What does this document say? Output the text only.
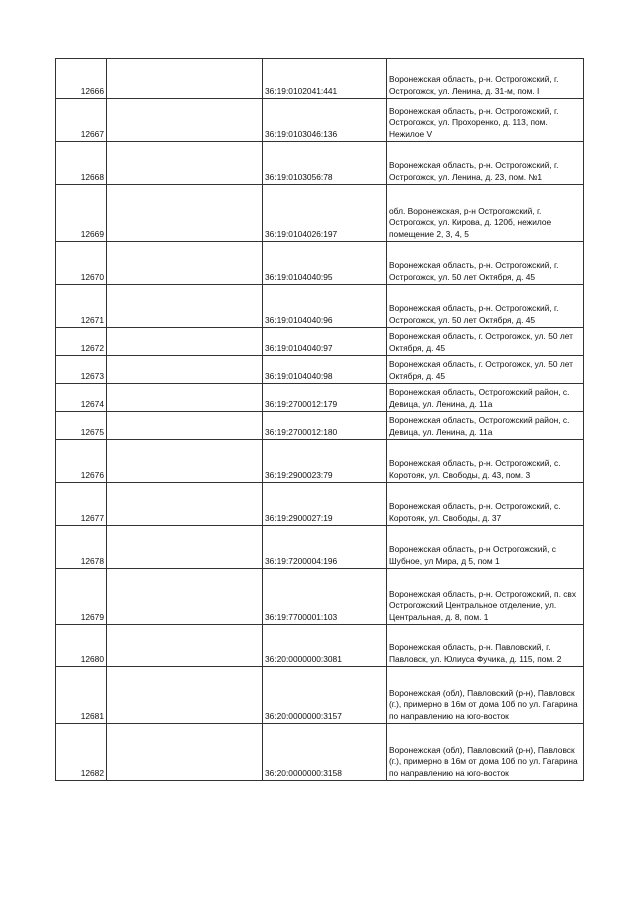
12666		36:19:0102041:441	Воронежская область, р-н. Острогожский, г. Острогожск, ул. Ленина, д. 31-м, пом. I
12667		36:19:0103046:136	Воронежская область, р-н. Острогожский, г. Острогожск, ул. Прохоренко, д. 113, пом. Нежилое V
12668		36:19:0103056:78	Воронежская область, р-н. Острогожский, г. Острогожск, ул. Ленина, д. 23, пом. №1
12669		36:19:0104026:197	обл. Воронежская, р-н Острогожский, г. Острогожск, ул. Кирова, д. 120б, нежилое помещение 2, 3, 4, 5
12670		36:19:0104040:95	Воронежская область, р-н. Острогожский, г. Острогожск, ул. 50 лет Октября, д. 45
12671		36:19:0104040:96	Воронежская область, р-н. Острогожский, г. Острогожск, ул. 50 лет Октября, д. 45
12672		36:19:0104040:97	Воронежская область, г. Острогожск, ул. 50 лет Октября, д. 45
12673		36:19:0104040:98	Воронежская область, г. Острогожск, ул. 50 лет Октября, д. 45
12674		36:19:2700012:179	Воронежская область, Острогожский район, с. Девица, ул. Ленина, д. 11а
12675		36:19:2700012:180	Воронежская область, Острогожский район, с. Девица, ул. Ленина, д. 11а
12676		36:19:2900023:79	Воронежская область, р-н. Острогожский, с. Коротояк, ул. Свободы, д. 43, пом. 3
12677		36:19:2900027:19	Воронежская область, р-н. Острогожский, с. Коротояк, ул. Свободы, д. 37
12678		36:19:7200004:196	Воронежская область, р-н Острогожский, с Шубное, ул Мира, д 5, пом 1
12679		36:19:7700001:103	Воронежская область, р-н. Острогожский, п. свх Острогожский Центральное отделение, ул. Центральная, д. 8, пом. 1
12680		36:20:0000000:3081	Воронежская область, р-н. Павловский, г. Павловск, ул. Юлиуса Фучика, д. 115, пом. 2
12681		36:20:0000000:3157	Воронежская (обл), Павловский (р-н), Павловск (г.), примерно в 16м от дома 10б по ул. Гагарина по направлению на юго-восток
12682		36:20:0000000:3158	Воронежская (обл), Павловский (р-н), Павловск (г.), примерно в 16м от дома 10б по ул. Гагарина по направлению на юго-восток
